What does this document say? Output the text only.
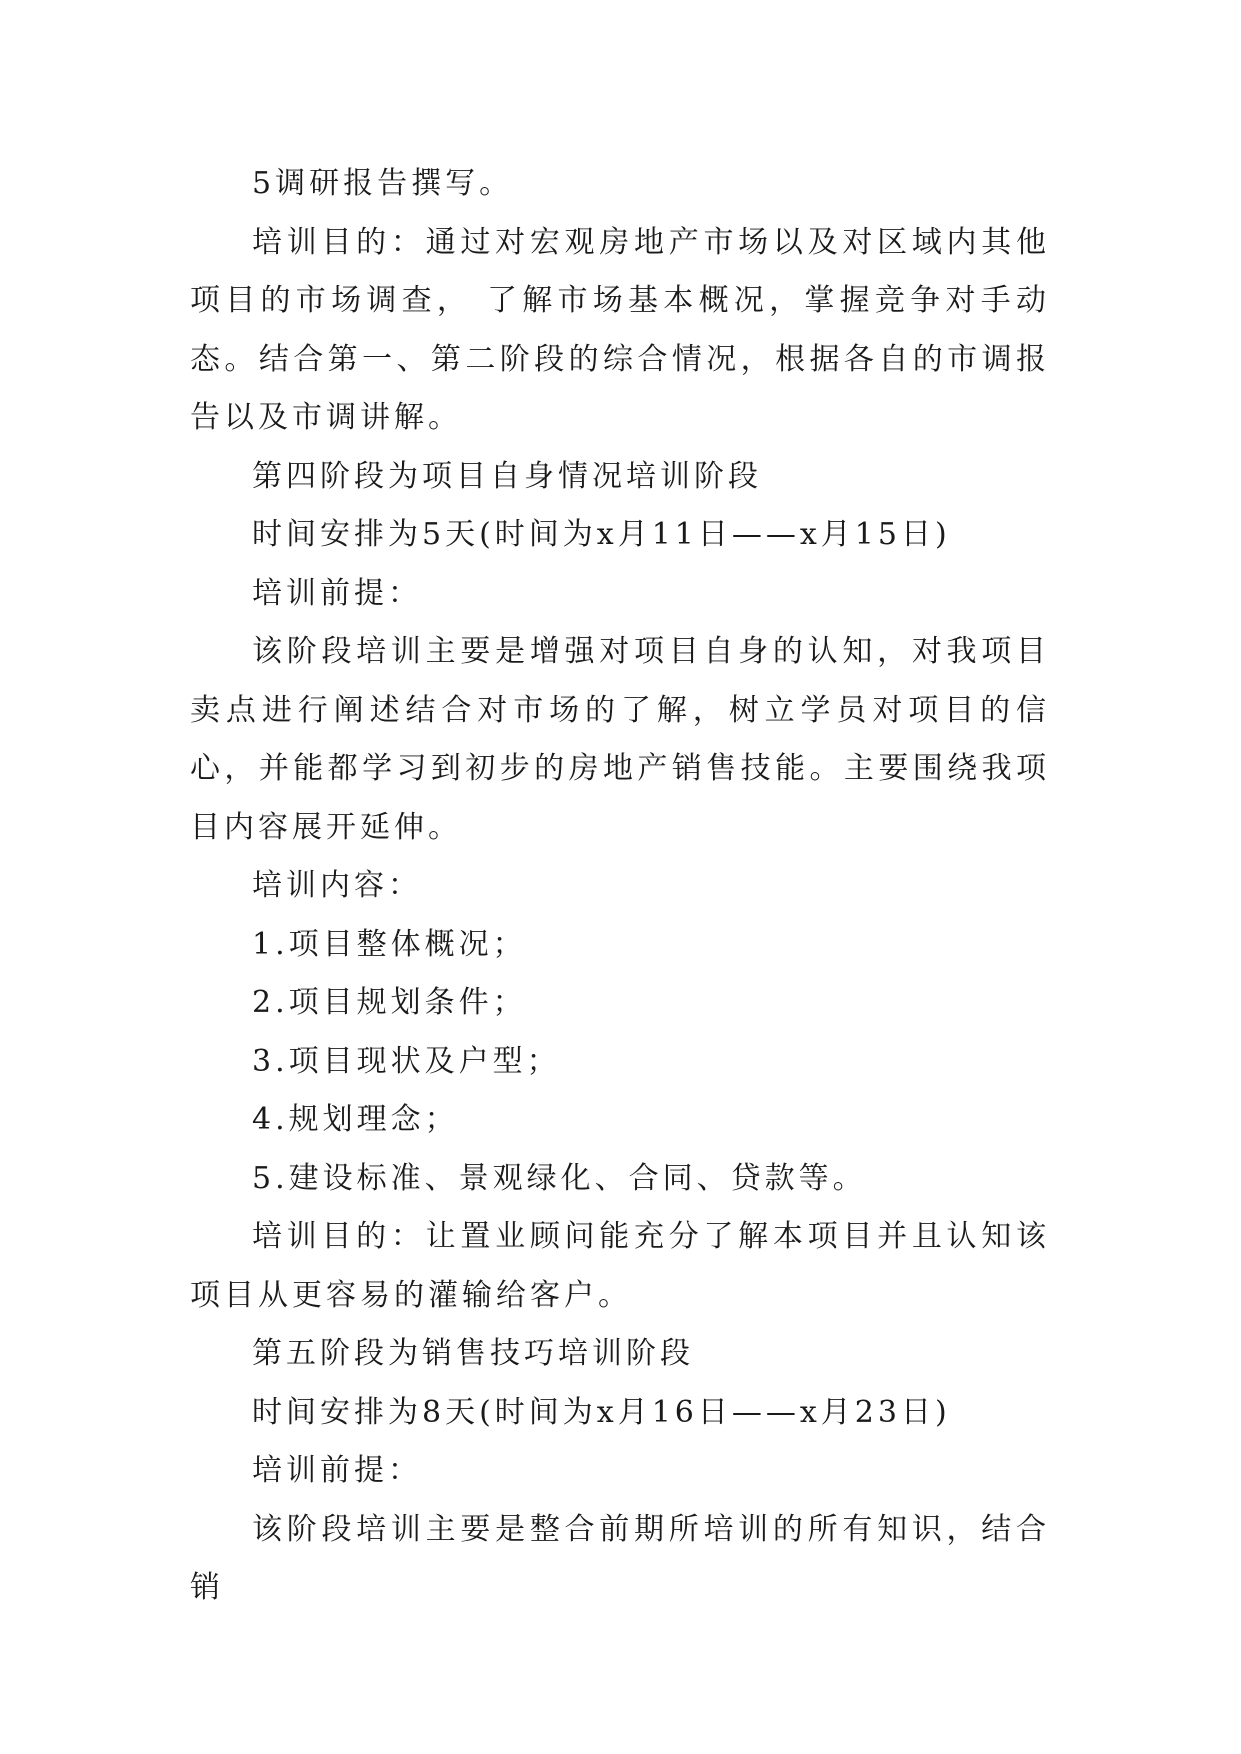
5调研报告撰写。

培训目的：通过对宏观房地产市场以及对区域内其他项目的市场调查， 了解市场基本概况，掌握竞争对手动态。结合第一、第二阶段的综合情况，根据各自的市调报告以及市调讲解。

第四阶段为项目自身情况培训阶段

时间安排为5天(时间为x月11日——x月15日)

培训前提：

该阶段培训主要是增强对项目自身的认知，对我项目卖点进行阐述结合对市场的了解，树立学员对项目的信心，并能都学习到初步的房地产销售技能。主要围绕我项目内容展开延伸。

培训内容：

1.项目整体概况；

2.项目规划条件；

3.项目现状及户型；

4.规划理念；

5.建设标准、景观绿化、合同、贷款等。

培训目的：让置业顾问能充分了解本项目并且认知该项目从更容易的灌输给客户。

第五阶段为销售技巧培训阶段

时间安排为8天(时间为x月16日——x月23日)

培训前提：

该阶段培训主要是整合前期所培训的所有知识，结合销
